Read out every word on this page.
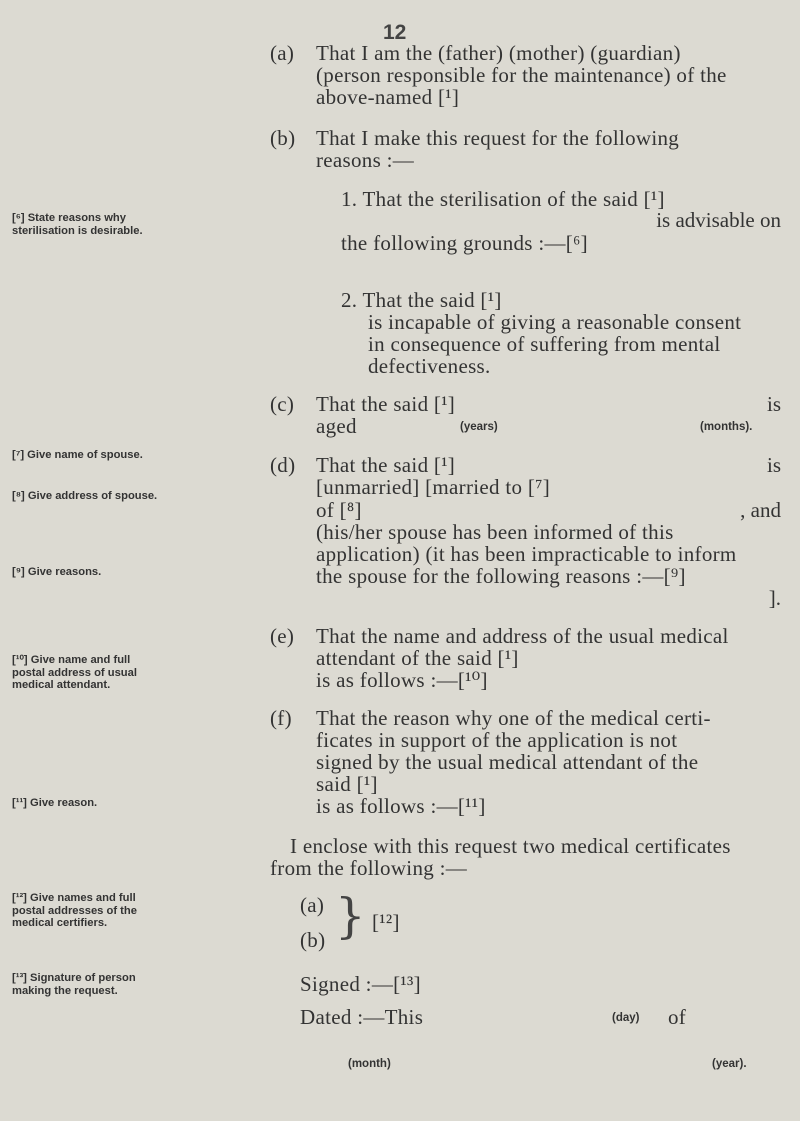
12
(a) That I am the (father) (mother) (guardian)
(person responsible for the maintenance) of the
above-named [¹]
(b) That I make this request for the following
reasons :—
1. That the sterilisation of the said [¹]
is advisable on
the following grounds :—[⁶]
2. That the said [¹]
is incapable of giving a reasonable consent
in consequence of suffering from mental
defectiveness.
(c) That the said [¹]	is
aged	(years)	(months).
(d) That the said [¹]	is
[unmarried] [married to [⁷]
of [⁸]	, and
(his/her spouse has been informed of this
application) (it has been impracticable to inform
the spouse for the following reasons :—[⁹]
].
(e) That the name and address of the usual medical
attendant of the said [¹]
is as follows :—[¹⁰]
(f) That the reason why one of the medical certi-
ficates in support of the application is not
signed by the usual medical attendant of the
said [¹]
is as follows :—[¹¹]
I enclose with this request two medical certificates
from the following :—
(a)
(b) } [¹²]
Signed :—[¹³]
Dated :—This	(day) of
(month)	(year).
[⁶] State reasons why sterilisation is desirable.
[⁷] Give name of spouse.
[⁸] Give address of spouse.
[⁹] Give reasons.
[¹⁰] Give name and full postal address of usual medical attendant.
[¹¹] Give reason.
[¹²] Give names and full postal addresses of the medical certifiers.
[¹³] Signature of person making the request.
